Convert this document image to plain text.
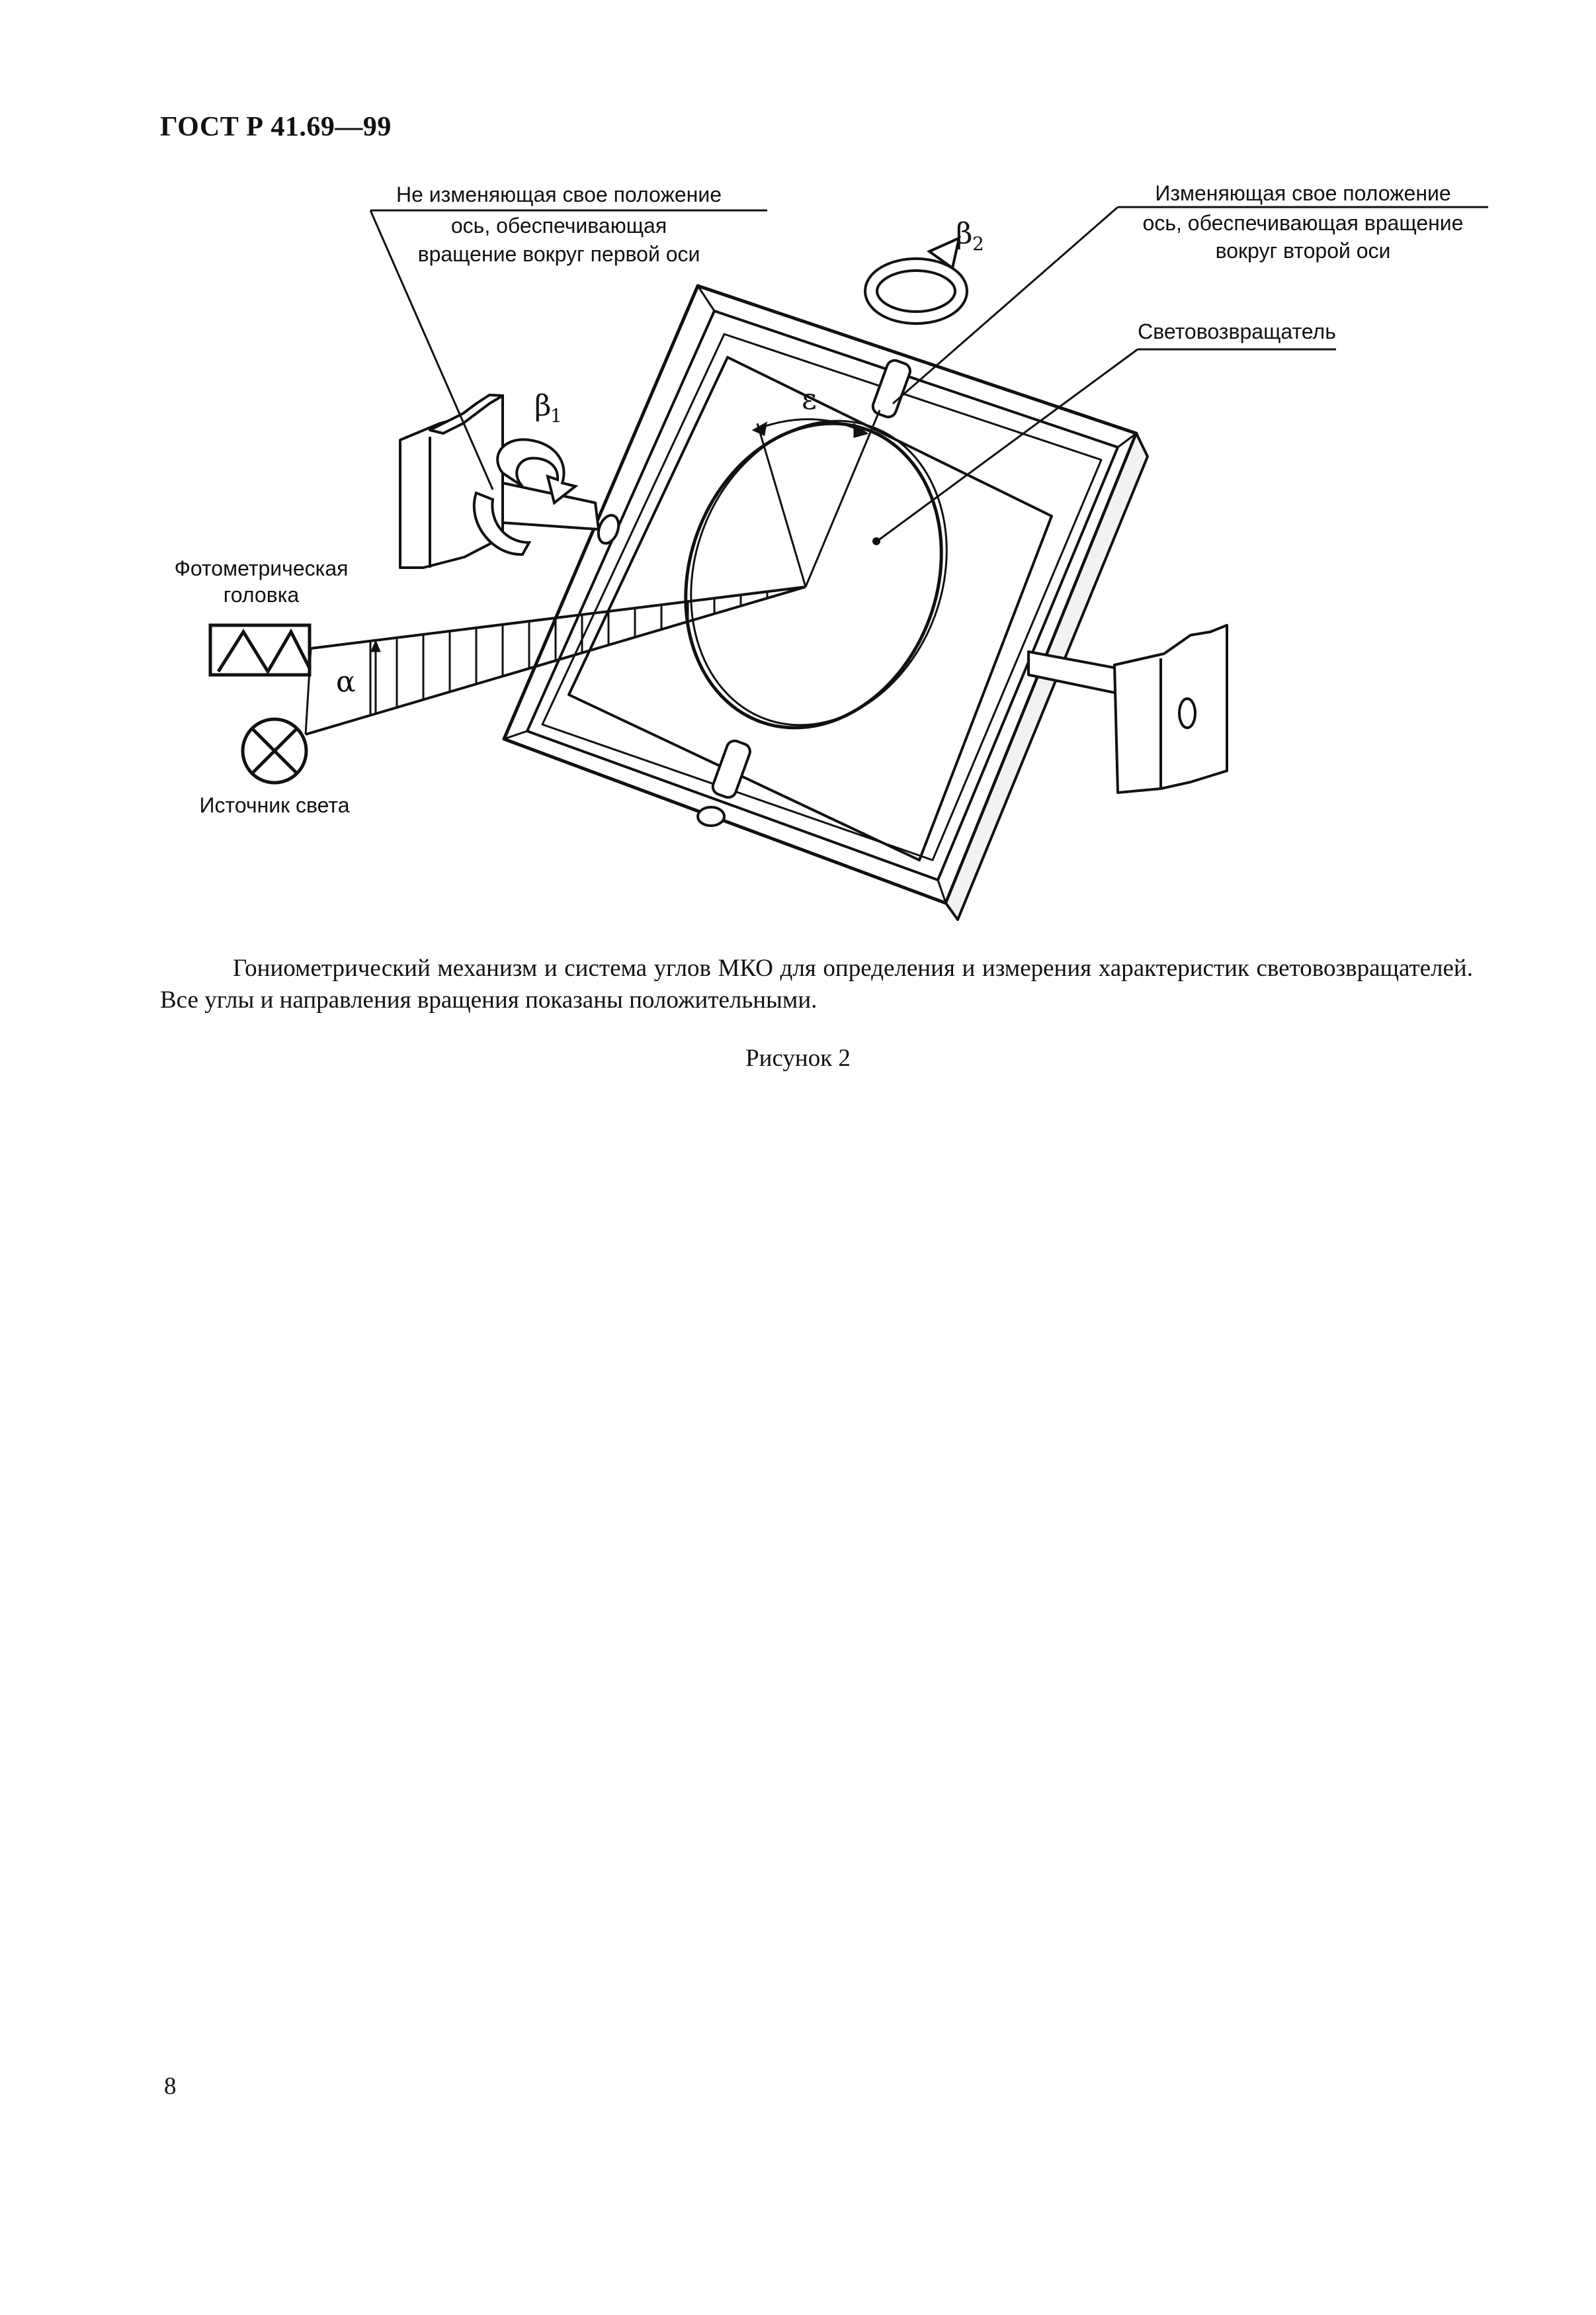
ГОСТ Р 41.69—99
Не изменяющая свое положение
ось, обеспечивающая
вращение вокруг первой оси
Изменяющая свое положение
ось, обеспечивающая вращение
вокруг второй оси
Световозвращатель
Фотометрическая
головка
Источник света
α
ε
β
1
β 2
Гониометрический механизм и система углов МКО для определения и измерения характеристик световозвращателей. Все углы и направления вращения показаны положительными.
Рисунок 2
8
